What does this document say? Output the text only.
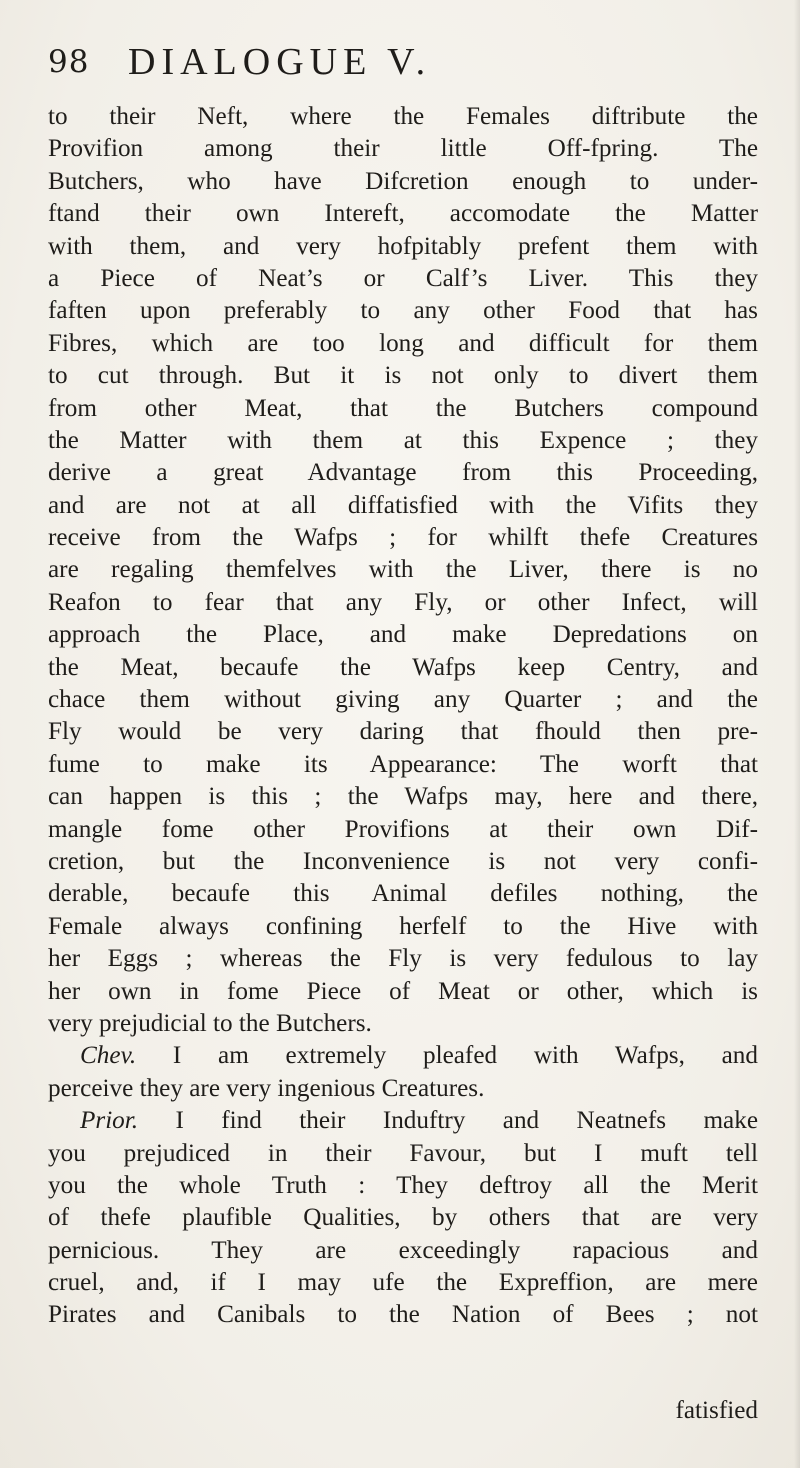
98 DIALOGUE V.
to their Neft, where the Females diftribute the
Provifion among their little Off-fpring. The
Butchers, who have Difcretion enough to under-
ftand their own Intereft, accomodate the Matter
with them, and very hofpitably prefent them with
a Piece of Neat’s or Calf’s Liver. This they
faften upon preferably to any other Food that has
Fibres, which are too long and difficult for them
to cut through. But it is not only to divert them
from other Meat, that the Butchers compound
the Matter with them at this Expence ; they
derive a great Advantage from this Proceeding,
and are not at all diffatisfied with the Vifits they
receive from the Wafps ; for whilft thefe Creatures
are regaling themfelves with the Liver, there is no
Reafon to fear that any Fly, or other Infect, will
approach the Place, and make Depredations on
the Meat, becaufe the Wafps keep Centry, and
chace them without giving any Quarter ; and the
Fly would be very daring that fhould then pre-
fume to make its Appearance: The worft that
can happen is this ; the Wafps may, here and there,
mangle fome other Provifions at their own Dif-
cretion, but the Inconvenience is not very confi-
derable, becaufe this Animal defiles nothing, the
Female always confining herfelf to the Hive with
her Eggs ; whereas the Fly is very fedulous to lay
her own in fome Piece of Meat or other, which is
very prejudicial to the Butchers.
Chev. I am extremely pleafed with Wafps, and
perceive they are very ingenious Creatures.
Prior. I find their Induftry and Neatnefs make
you prejudiced in their Favour, but I muft tell
you the whole Truth : They deftroy all the Merit
of thefe plaufible Qualities, by others that are very
pernicious. They are exceedingly rapacious and
cruel, and, if I may ufe the Expreffion, are mere
Pirates and Canibals to the Nation of Bees ; not
fatisfied
